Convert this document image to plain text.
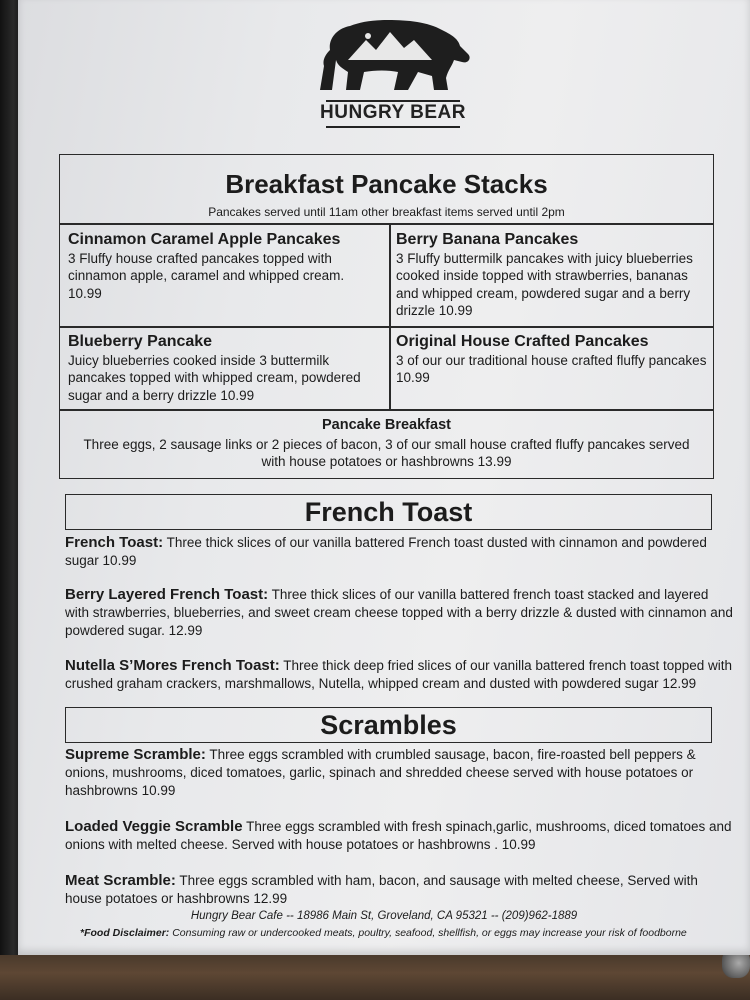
HUNGRY BEAR
Breakfast Pancake Stacks
Pancakes served until 11am other breakfast items served until 2pm
Cinnamon Caramel Apple Pancakes
3 Fluffy house crafted pancakes topped with cinnamon apple, caramel and whipped cream.
10.99
Berry Banana Pancakes
3 Fluffy buttermilk pancakes with juicy blueberries cooked inside topped with strawberries, bananas and whipped cream, powdered sugar and a berry drizzle 10.99
Blueberry Pancake
Juicy blueberries cooked inside 3 buttermilk pancakes topped with whipped cream, powdered sugar and a berry drizzle 10.99
Original House Crafted Pancakes
3 of our our traditional house crafted fluffy pancakes 10.99
Pancake Breakfast
Three eggs, 2 sausage links or 2 pieces of bacon, 3 of our small house crafted fluffy pancakes served with house potatoes or hashbrowns 13.99
French Toast
French Toast: Three thick slices of our vanilla battered French toast dusted with cinnamon and powdered sugar 10.99
Berry Layered French Toast: Three thick slices of our vanilla battered french toast stacked and layered with strawberries, blueberries, and sweet cream cheese topped with a berry drizzle & dusted with cinnamon and powdered sugar. 12.99
Nutella S’Mores French Toast: Three thick deep fried slices of our vanilla battered french toast topped with crushed graham crackers, marshmallows, Nutella, whipped cream and dusted with powdered sugar 12.99
Scrambles
Supreme Scramble: Three eggs scrambled with crumbled sausage, bacon, fire-roasted bell peppers & onions, mushrooms, diced tomatoes, garlic, spinach and shredded cheese served with house potatoes or hashbrowns 10.99
Loaded Veggie Scramble Three eggs scrambled with fresh spinach,garlic, mushrooms, diced tomatoes and onions with melted cheese. Served with house potatoes or hashbrowns . 10.99
Meat Scramble: Three eggs scrambled with ham, bacon, and sausage with melted cheese, Served with house potatoes or hashbrowns 12.99
Hungry Bear Cafe -- 18986 Main St, Groveland, CA 95321 -- (209)962-1889
*Food Disclaimer: Consuming raw or undercooked meats, poultry, seafood, shellfish, or eggs may increase your risk of foodborne
